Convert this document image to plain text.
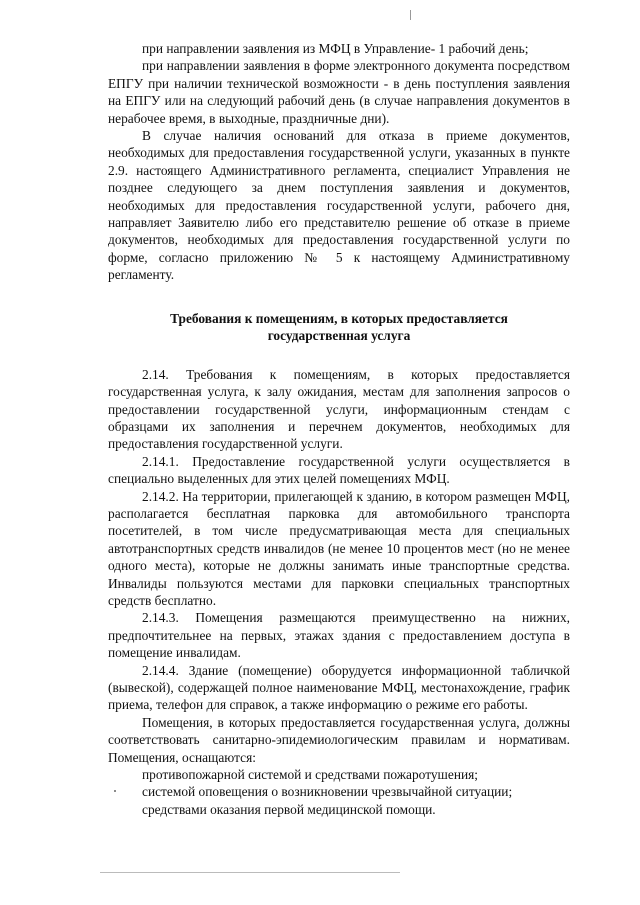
при направлении заявления из МФЦ в Управление- 1 рабочий день;

при направлении заявления в форме электронного документа посредством ЕПГУ при наличии технической возможности - в день поступления заявления на ЕПГУ или на следующий рабочий день (в случае направления документов в нерабочее время, в выходные, праздничные дни).

В случае наличия оснований для отказа в приеме документов, необходимых для предоставления государственной услуги, указанных в пункте 2.9. настоящего Административного регламента, специалист Управления не позднее следующего за днем поступления заявления и документов, необходимых для предоставления государственной услуги, рабочего дня, направляет Заявителю либо его представителю решение об отказе в приеме документов, необходимых для предоставления государственной услуги по форме, согласно приложению № 5 к настоящему Административному регламенту.

Требования к помещениям, в которых предоставляется
государственная услуга

2.14. Требования к помещениям, в которых предоставляется государственная услуга, к залу ожидания, местам для заполнения запросов о предоставлении государственной услуги, информационным стендам с образцами их заполнения и перечнем документов, необходимых для предоставления государственной услуги.

2.14.1. Предоставление государственной услуги осуществляется в специально выделенных для этих целей помещениях МФЦ.

2.14.2. На территории, прилегающей к зданию, в котором размещен МФЦ, располагается бесплатная парковка для автомобильного транспорта посетителей, в том числе предусматривающая места для специальных автотранспортных средств инвалидов (не менее 10 процентов мест (но не менее одного места), которые не должны занимать иные транспортные средства. Инвалиды пользуются местами для парковки специальных транспортных средств бесплатно.

2.14.3. Помещения размещаются преимущественно на нижних, предпочтительнее на первых, этажах здания с предоставлением доступа в помещение инвалидам.

2.14.4. Здание (помещение) оборудуется информационной табличкой (вывеской), содержащей полное наименование МФЦ, местонахождение, график приема, телефон для справок, а также информацию о режиме его работы.

Помещения, в которых предоставляется государственная услуга, должны соответствовать санитарно-эпидемиологическим правилам и нормативам. Помещения, оснащаются:

противопожарной системой и средствами пожаротушения;

системой оповещения о возникновении чрезвычайной ситуации;

средствами оказания первой медицинской помощи.
